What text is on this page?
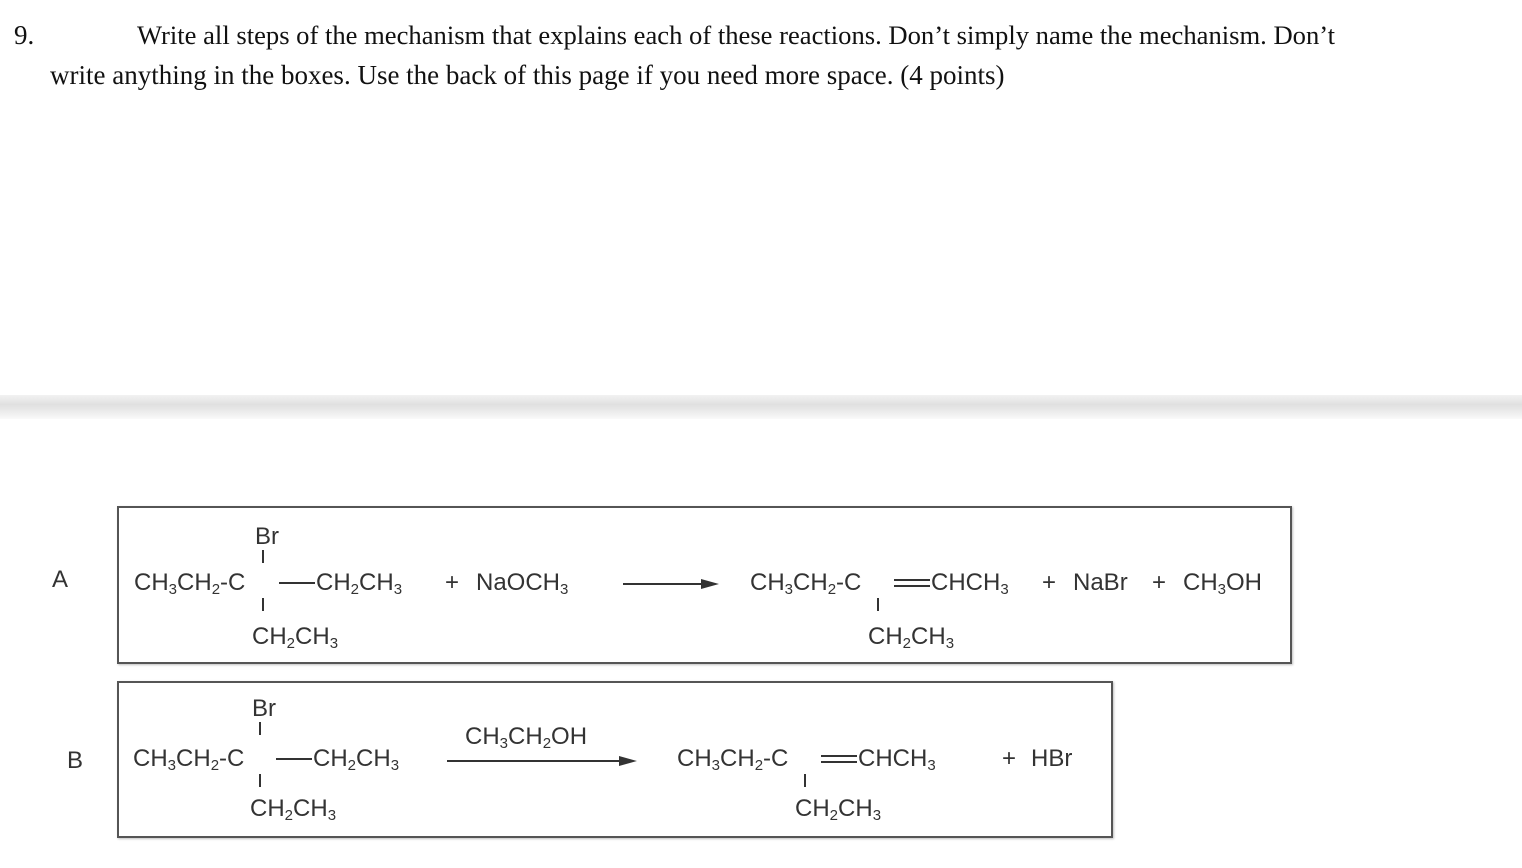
9.	Write all steps of the mechanism that explains each of these reactions. Don’t simply name the mechanism. Don’t
write anything in the boxes. Use the back of this page if you need more space. (4 points)
A
Br
$CH_3CH_2-C$	$CH_2CH_3$
$CH_2CH_3$
+ NaOCH$_3$	$CH_3CH_2-C$	$CHCH_3$
$CH_2CH_3$
+ NaBr + $CH_3OH$
B
Br
$CH_3CH_2-C$	$CH_2CH_3$
$CH_2CH_3$
$CH_3CH_2OH$
$CH_3CH_2-C$	$CHCH_3$
$CH_2CH_3$
+ HBr
